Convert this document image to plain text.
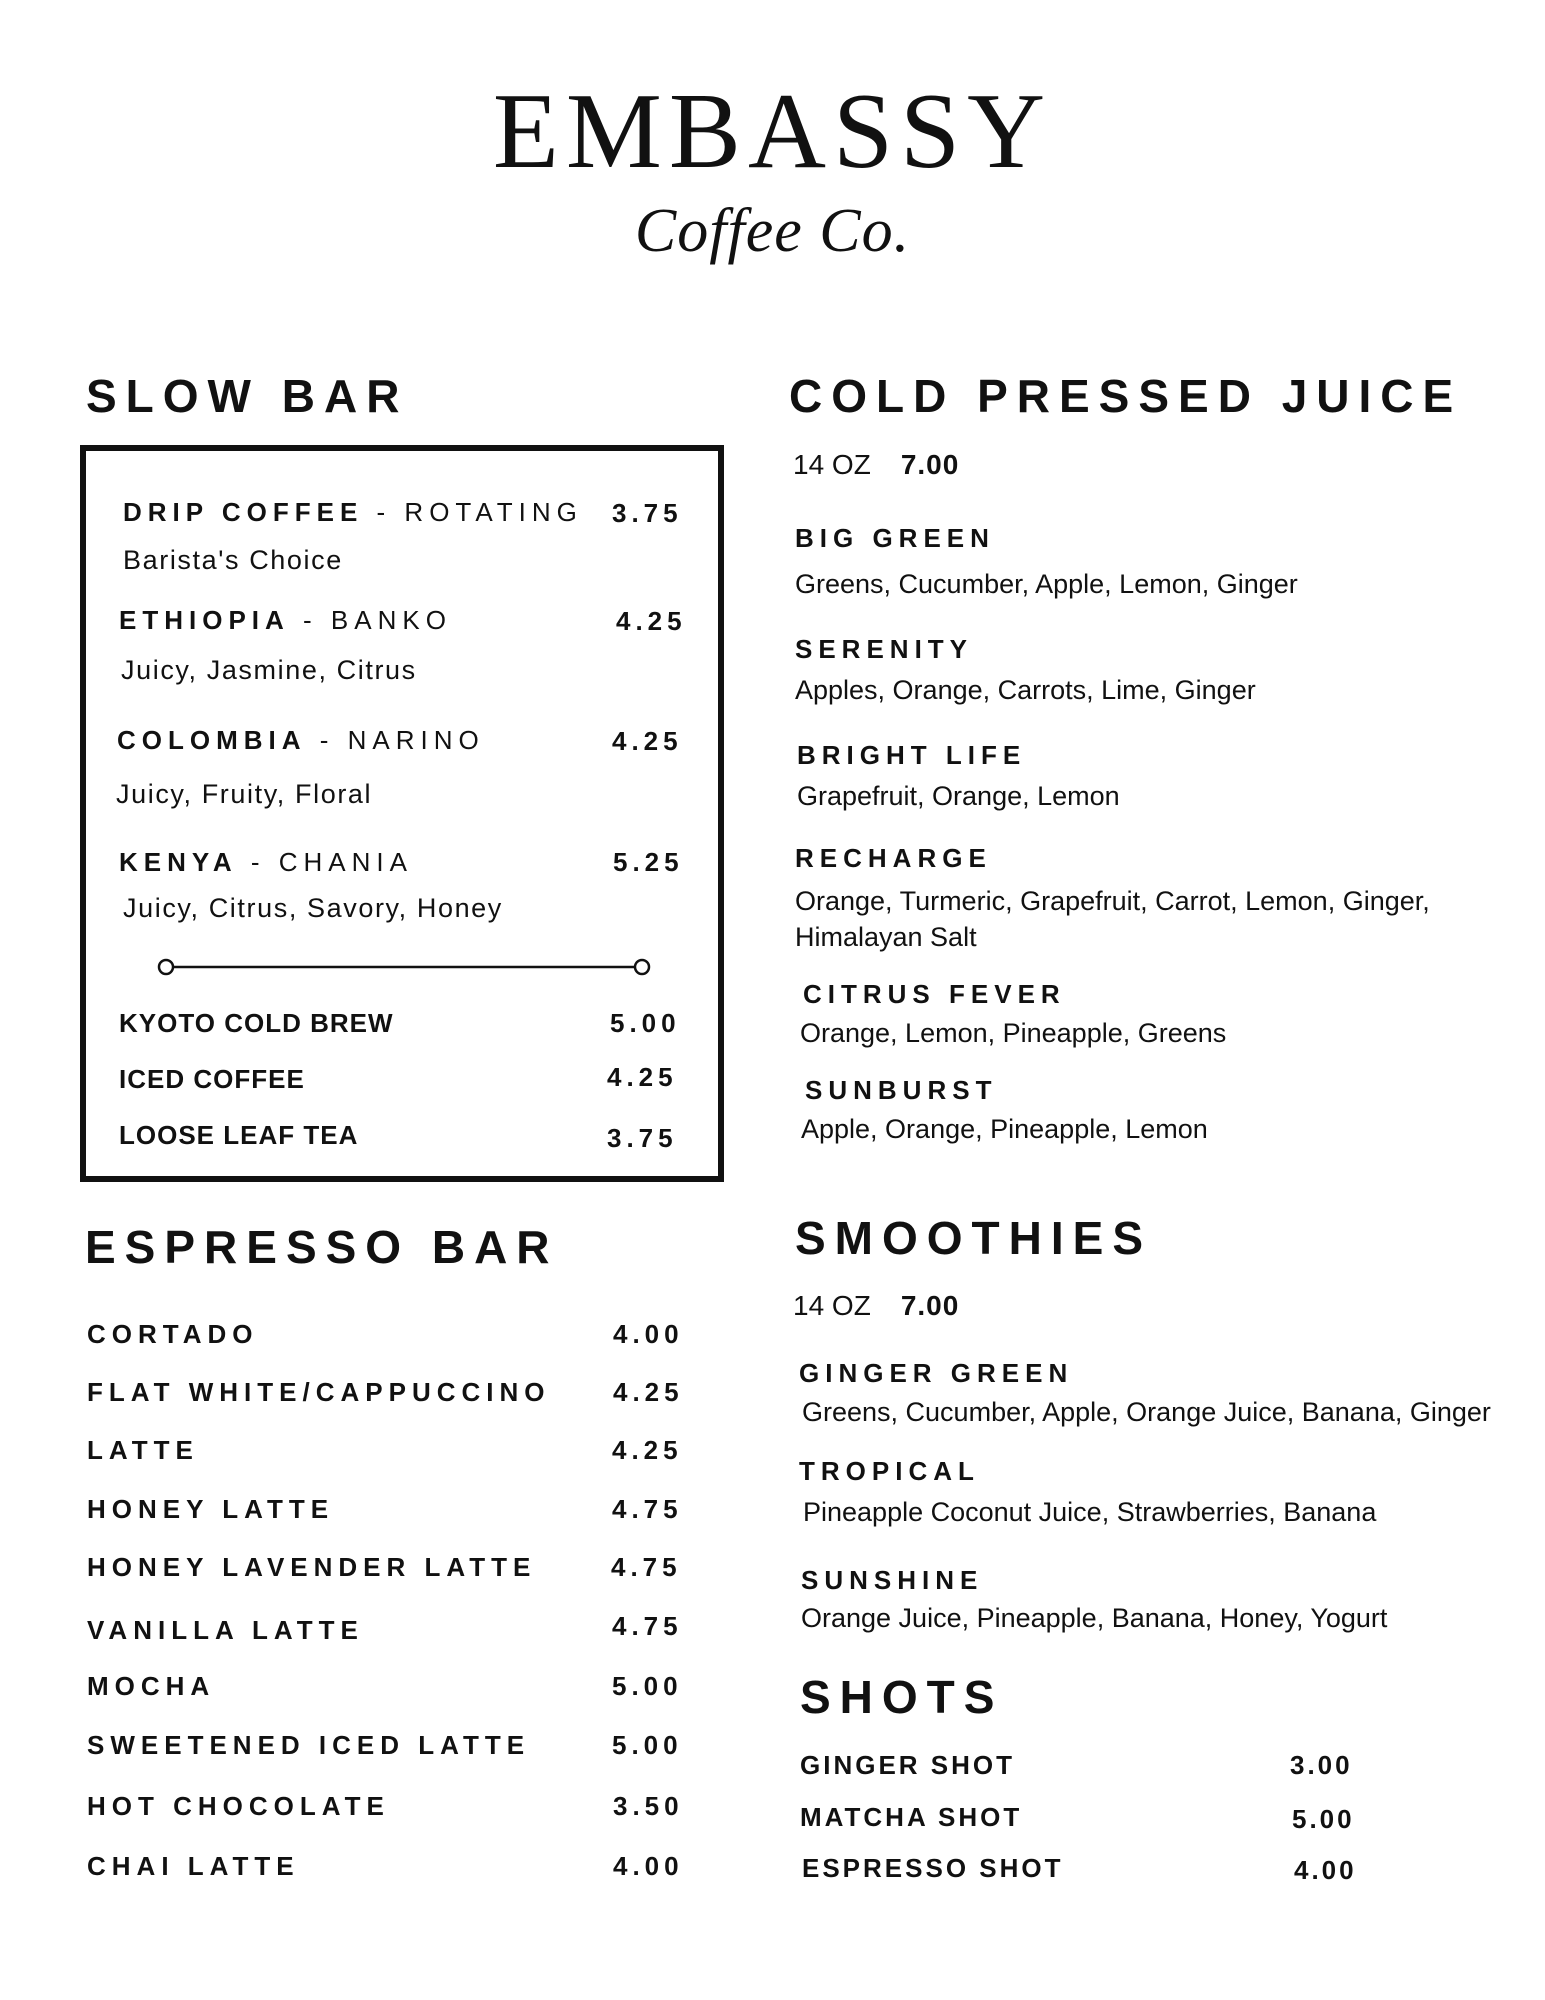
EMBASSY
Coffee Co.
SLOW BAR
DRIP COFFEE - ROTATING 3.75
Barista's Choice
ETHIOPIA - BANKO	4.25
Juicy, Jasmine, Citrus
COLOMBIA - NARINO	4.25
Juicy, Fruity, Floral
KENYA - CHANIA	5.25
Juicy, Citrus, Savory, Honey
KYOTO COLD BREW	5.00
ICED COFFEE	4.25
LOOSE LEAF TEA	3.75
ESPRESSO BAR
CORTADO	4.00
FLAT WHITE/CAPPUCCINO 4.25
LATTE	4.25
HONEY LATTE	4.75
HONEY LAVENDER LATTE	4.75
VANILLA LATTE	4.75
MOCHA	5.00
SWEETENED ICED LATTE	5.00
HOT CHOCOLATE	3.50
CHAI LATTE	4.00
COLD PRESSED JUICE
14 OZ 7.00
BIG GREEN
Greens, Cucumber, Apple, Lemon, Ginger
SERENITY
Apples, Orange, Carrots, Lime, Ginger
BRIGHT LIFE
Grapefruit, Orange, Lemon
RECHARGE
Orange, Turmeric, Grapefruit, Carrot, Lemon, Ginger, Himalayan Salt
CITRUS FEVER
Orange, Lemon, Pineapple, Greens
SUNBURST
Apple, Orange, Pineapple, Lemon
SMOOTHIES
14 OZ 7.00
GINGER GREEN
Greens, Cucumber, Apple, Orange Juice, Banana, Ginger
TROPICAL
Pineapple Coconut Juice, Strawberries, Banana
SUNSHINE
Orange Juice, Pineapple, Banana, Honey, Yogurt
SHOTS
GINGER SHOT	3.00
MATCHA SHOT	5.00
ESPRESSO SHOT	4.00
